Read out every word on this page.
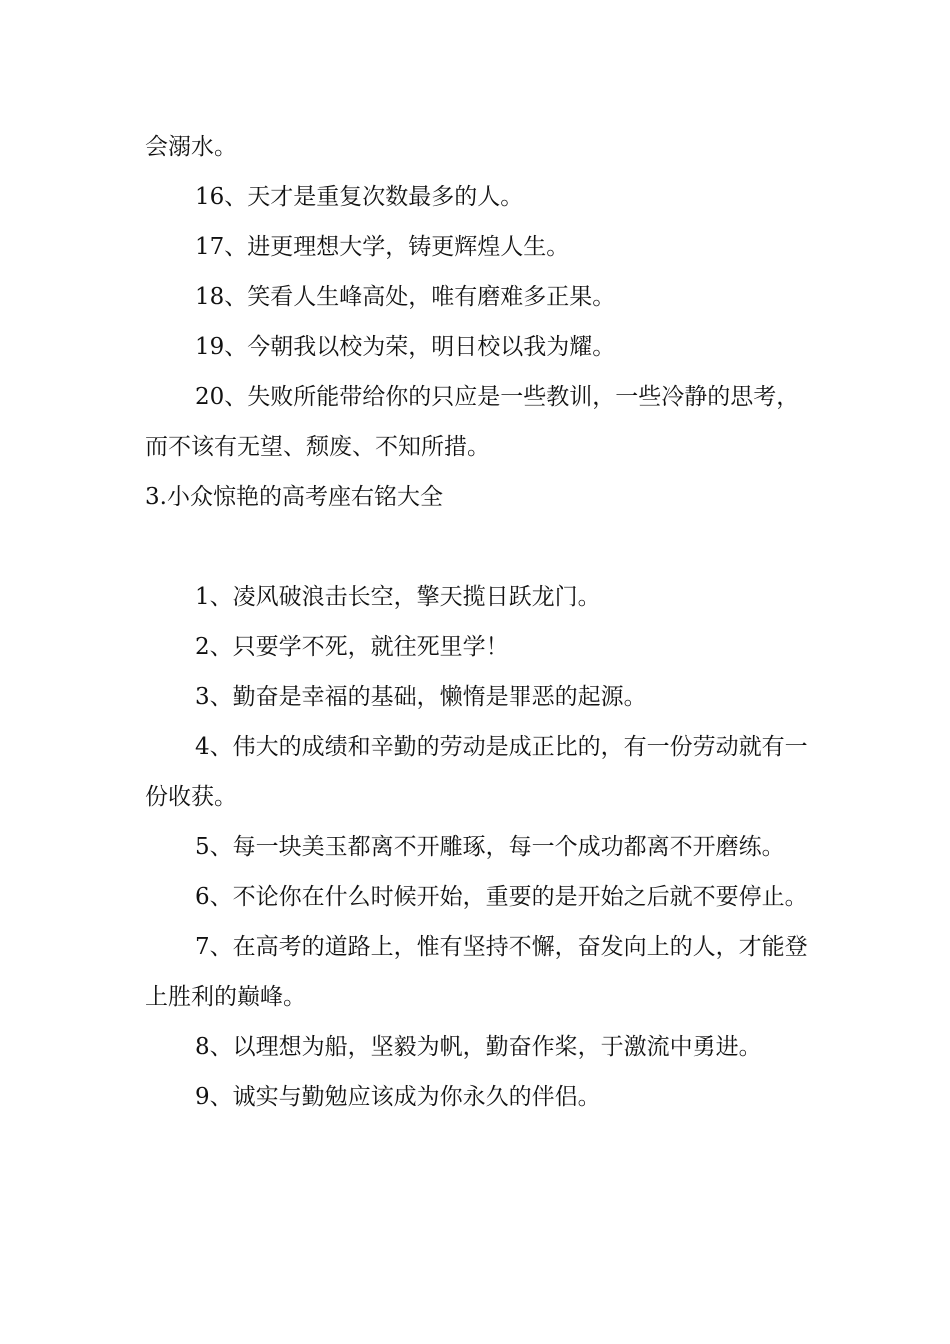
会溺水。

16、天才是重复次数最多的人。

17、进更理想大学，铸更辉煌人生。

18、笑看人生峰高处，唯有磨难多正果。

19、今朝我以校为荣，明日校以我为耀。

20、失败所能带给你的只应是一些教训，一些冷静的思考，而不该有无望、颓废、不知所措。

3.小众惊艳的高考座右铭大全

1、凌风破浪击长空，擎天揽日跃龙门。

2、只要学不死，就往死里学！

3、勤奋是幸福的基础，懒惰是罪恶的起源。

4、伟大的成绩和辛勤的劳动是成正比的，有一份劳动就有一份收获。

5、每一块美玉都离不开雕琢，每一个成功都离不开磨练。

6、不论你在什么时候开始，重要的是开始之后就不要停止。

7、在高考的道路上，惟有坚持不懈，奋发向上的人，才能登上胜利的巅峰。

8、以理想为船，坚毅为帆，勤奋作桨，于激流中勇进。

9、诚实与勤勉应该成为你永久的伴侣。
